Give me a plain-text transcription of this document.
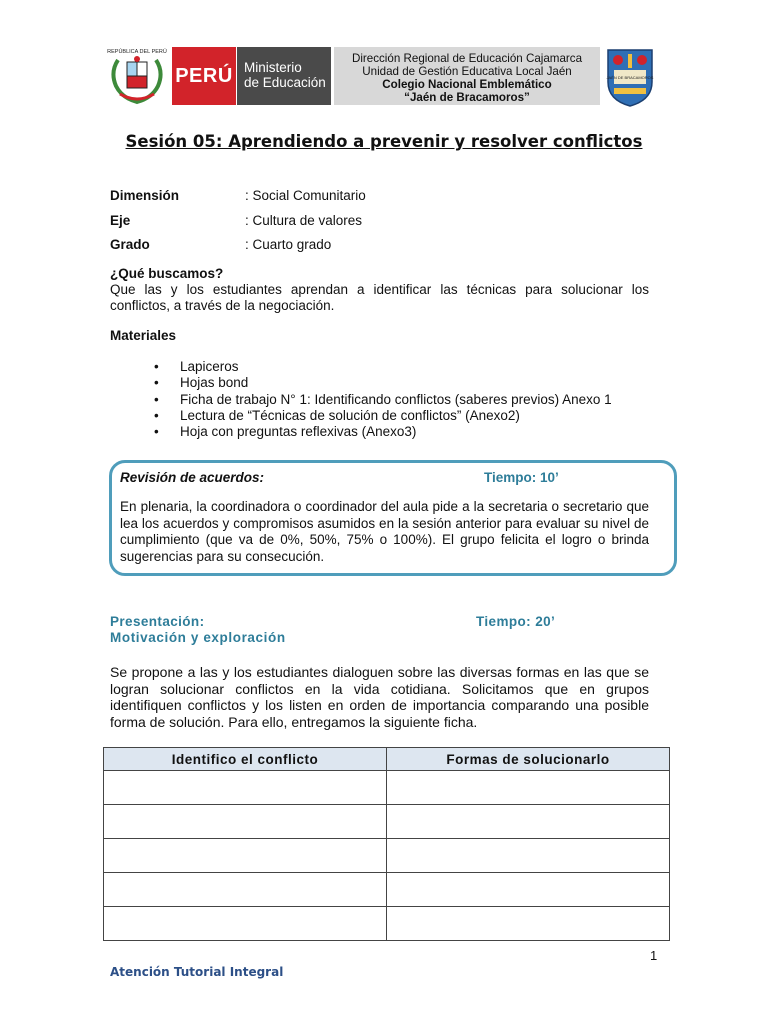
REPÚBLICA DEL PERÚ
PERÚ Ministerio
de Educación
Dirección Regional de Educación Cajamarca
Unidad de Gestión Educativa Local Jaén
Colegio Nacional Emblemático
“Jaén de Bracamoros”
JAÉN DE BRACAMOROS
Sesión 05: Aprendiendo a prevenir y resolver conflictos
Dimensión	: Social Comunitario
Eje	: Cultura de valores
Grado	: Cuarto grado
¿Qué buscamos?
Que las y los estudiantes aprendan a identificar las técnicas para solucionar los conflictos, a través de la negociación.
Materiales
• Lapiceros
• Hojas bond
• Ficha de trabajo N° 1: Identificando conflictos (saberes previos) Anexo 1
• Lectura de “Técnicas de solución de conflictos” (Anexo2)
• Hoja con preguntas reflexivas (Anexo3)
Revisión de acuerdos:	Tiempo: 10’
En plenaria, la coordinadora o coordinador del aula pide a la secretaria o secretario que lea los acuerdos y compromisos asumidos en la sesión anterior para evaluar su nivel de cumplimiento (que va de 0%, 50%, 75% o 100%). El grupo felicita el logro o brinda sugerencias para su consecución.
Presentación:	Tiempo: 20’
Motivación y exploración
Se propone a las y los estudiantes dialoguen sobre las diversas formas en las que se logran solucionar conflictos en la vida cotidiana. Solicitamos que en grupos identifiquen conflictos y los listen en orden de importancia comparando una posible forma de solución. Para ello, entregamos la siguiente ficha.
Identifico el conflicto	Formas de solucionarlo

1
Atención Tutorial Integral
